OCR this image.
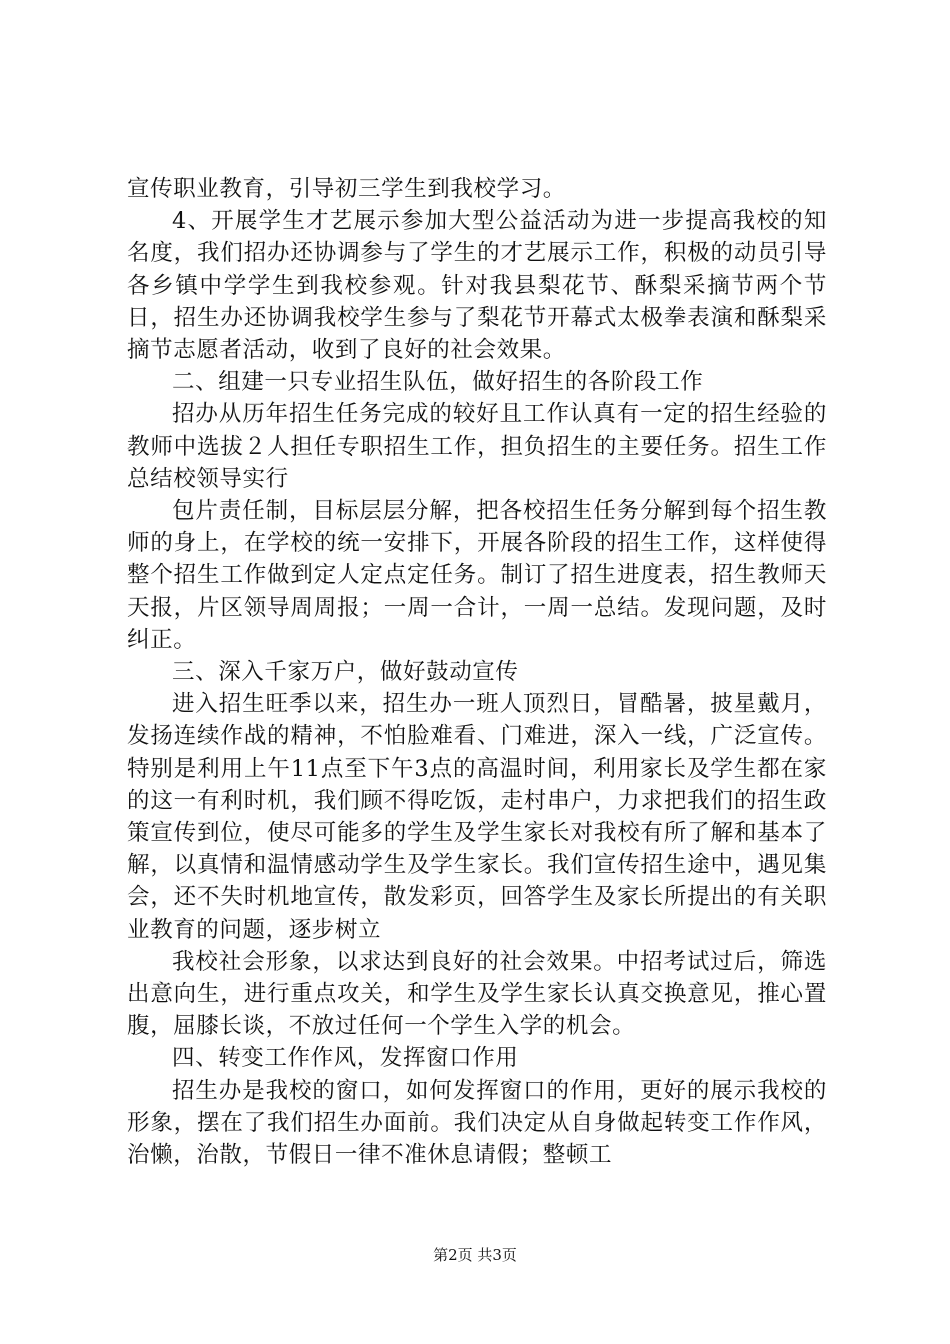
宣传职业教育，引导初三学生到我校学习。

4、开展学生才艺展示参加大型公益活动为进一步提高我校的知名度，我们招办还协调参与了学生的才艺展示工作，积极的动员引导各乡镇中学学生到我校参观。针对我县梨花节、酥梨采摘节两个节日，招生办还协调我校学生参与了梨花节开幕式太极拳表演和酥梨采摘节志愿者活动，收到了良好的社会效果。

二、组建一只专业招生队伍，做好招生的各阶段工作

招办从历年招生任务完成的较好且工作认真有一定的招生经验的教师中选拔２人担任专职招生工作，担负招生的主要任务。招生工作总结校领导实行

包片责任制，目标层层分解，把各校招生任务分解到每个招生教师的身上，在学校的统一安排下，开展各阶段的招生工作，这样使得整个招生工作做到定人定点定任务。制订了招生进度表，招生教师天天报，片区领导周周报；一周一合计，一周一总结。发现问题，及时纠正。

三、深入千家万户，做好鼓动宣传

进入招生旺季以来，招生办一班人顶烈日，冒酷暑，披星戴月，发扬连续作战的精神，不怕脸难看、门难进，深入一线，广泛宣传。特别是利用上午11点至下午3点的高温时间，利用家长及学生都在家的这一有利时机，我们顾不得吃饭，走村串户，力求把我们的招生政策宣传到位，使尽可能多的学生及学生家长对我校有所了解和基本了解，以真情和温情感动学生及学生家长。我们宣传招生途中，遇见集会，还不失时机地宣传，散发彩页，回答学生及家长所提出的有关职业教育的问题，逐步树立

我校社会形象，以求达到良好的社会效果。中招考试过后，筛选出意向生，进行重点攻关，和学生及学生家长认真交换意见，推心置腹，屈膝长谈，不放过任何一个学生入学的机会。

四、转变工作作风，发挥窗口作用

招生办是我校的窗口，如何发挥窗口的作用，更好的展示我校的形象，摆在了我们招生办面前。我们决定从自身做起转变工作作风，治懒，治散，节假日一律不准休息请假；整顿工

第2页 共3页
